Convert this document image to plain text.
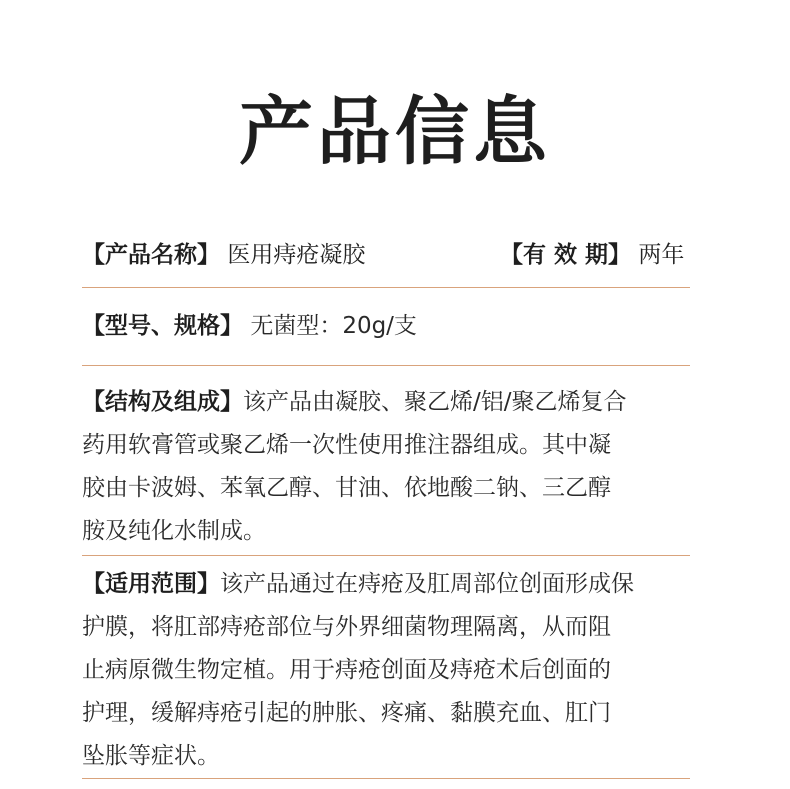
产品信息
【产品名称】 医用痔疮凝胶	【有 效 期】 两年
【型号、规格】 无菌型：20g/支
【结构及组成】该产品由凝胶、聚乙烯/铝/聚乙烯复合
药用软膏管或聚乙烯一次性使用推注器组成。其中凝
胶由卡波姆、苯氧乙醇、甘油、依地酸二钠、三乙醇
胺及纯化水制成。
【适用范围】该产品通过在痔疮及肛周部位创面形成保
护膜，将肛部痔疮部位与外界细菌物理隔离，从而阻
止病原微生物定植。用于痔疮创面及痔疮术后创面的
护理，缓解痔疮引起的肿胀、疼痛、黏膜充血、肛门
坠胀等症状。
